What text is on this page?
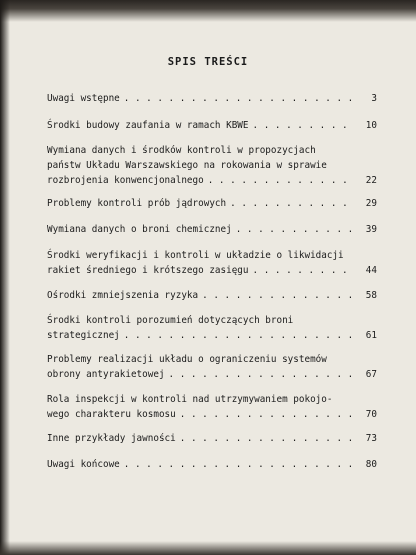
SPIS TREŚCI
Uwagi wstępne . . .	3
Środki budowy zaufania w ramach KBWE . . .	10
Wymiana danych i środków kontroli w propozycjach
państw Układu Warszawskiego na rokowania w sprawie
rozbrojenia konwencjonalnego . . .	22
Problemy kontroli prób jądrowych . . .	29
Wymiana danych o broni chemicznej . . .	39
Środki weryfikacji i kontroli w układzie o likwidacji
rakiet średniego i krótszego zasięgu . . .	44
Ośrodki zmniejszenia ryzyka . . .	58
Środki kontroli porozumień dotyczących broni
strategicznej . . .	61
Problemy realizacji układu o ograniczeniu systemów
obrony antyrakietowej . . .	67
Rola inspekcji w kontroli nad utrzymywaniem pokojo-
wego charakteru kosmosu . . .	70
Inne przykłady jawności . . .	73
Uwagi końcowe . . .	80
